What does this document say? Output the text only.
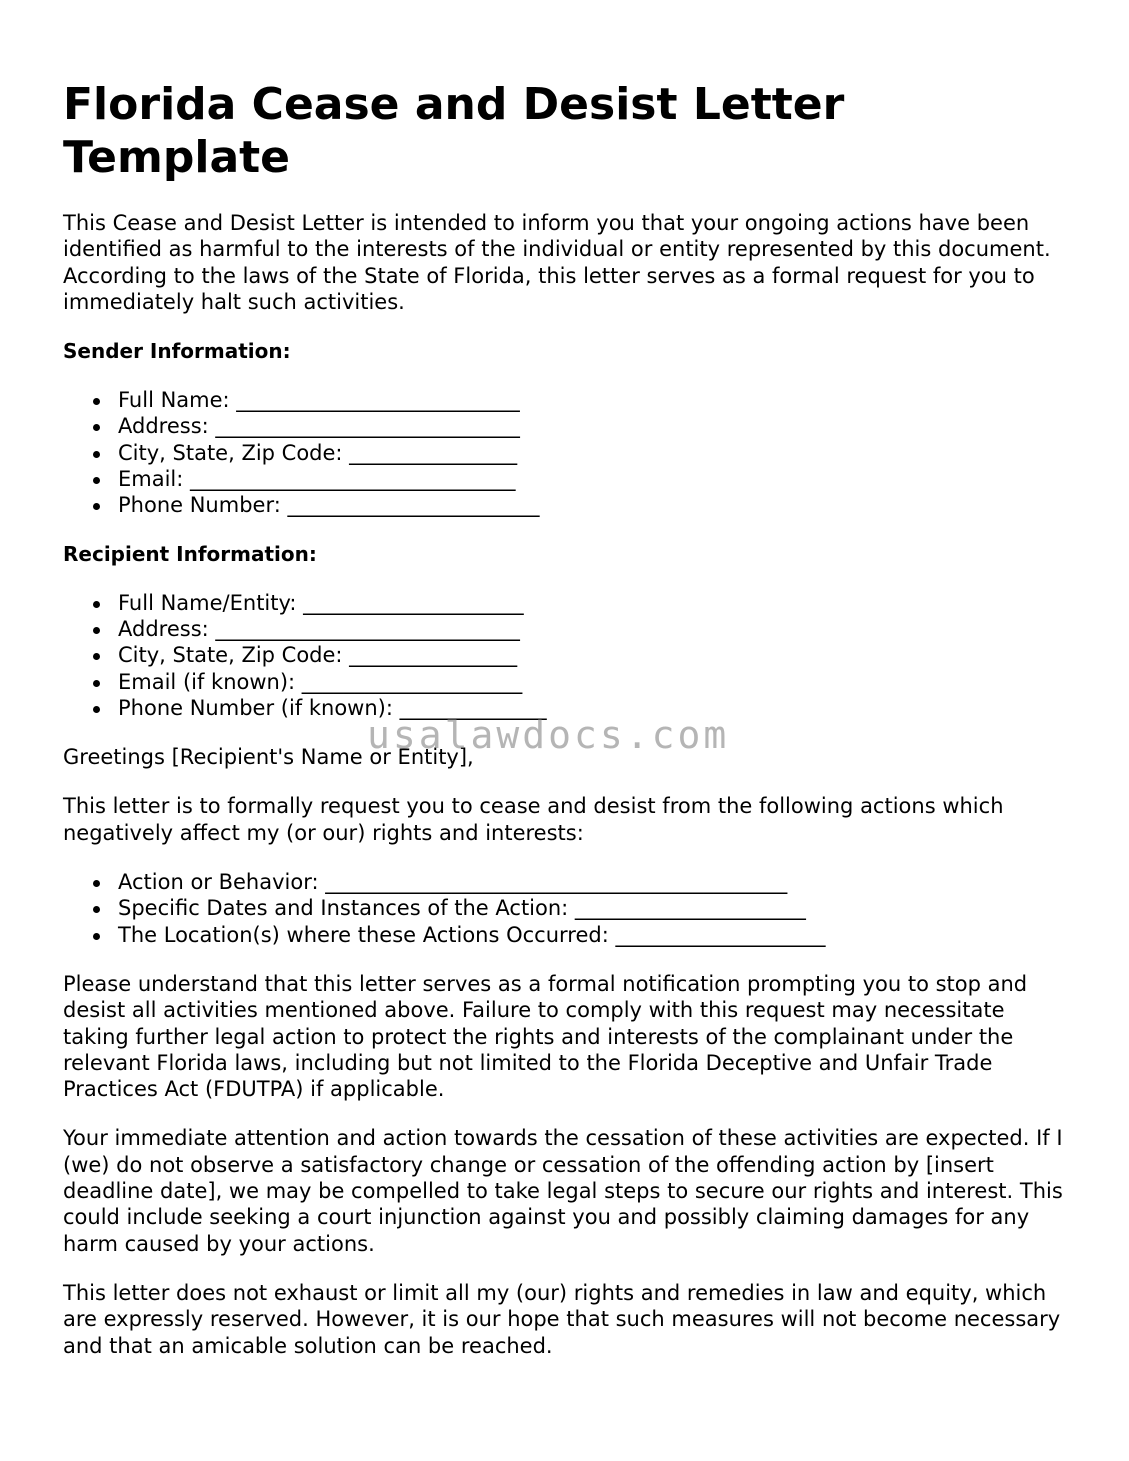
Florida Cease and Desist Letter Template

This Cease and Desist Letter is intended to inform you that your ongoing actions have been identified as harmful to the interests of the individual or entity represented by this document. According to the laws of the State of Florida, this letter serves as a formal request for you to immediately halt such activities.

Sender Information:

Full Name: ___________________________
Address: _____________________________
City, State, Zip Code: ________________
Email: _______________________________
Phone Number: ________________________

Recipient Information:

Full Name/Entity: _____________________
Address: _____________________________
City, State, Zip Code: ________________
Email (if known): _____________________
Phone Number (if known): ______________

Greetings [Recipient's Name or Entity],

This letter is to formally request you to cease and desist from the following actions which negatively affect my (or our) rights and interests:

Action or Behavior: ____________________________________________
Specific Dates and Instances of the Action: ______________________
The Location(s) where these Actions Occurred: ____________________

Please understand that this letter serves as a formal notification prompting you to stop and desist all activities mentioned above. Failure to comply with this request may necessitate taking further legal action to protect the rights and interests of the complainant under the relevant Florida laws, including but not limited to the Florida Deceptive and Unfair Trade Practices Act (FDUTPA) if applicable.

Your immediate attention and action towards the cessation of these activities are expected. If I (we) do not observe a satisfactory change or cessation of the offending action by [insert deadline date], we may be compelled to take legal steps to secure our rights and interest. This could include seeking a court injunction against you and possibly claiming damages for any harm caused by your actions.

This letter does not exhaust or limit all my (our) rights and remedies in law and equity, which are expressly reserved. However, it is our hope that such measures will not become necessary and that an amicable solution can be reached.

usalawdocs.com
